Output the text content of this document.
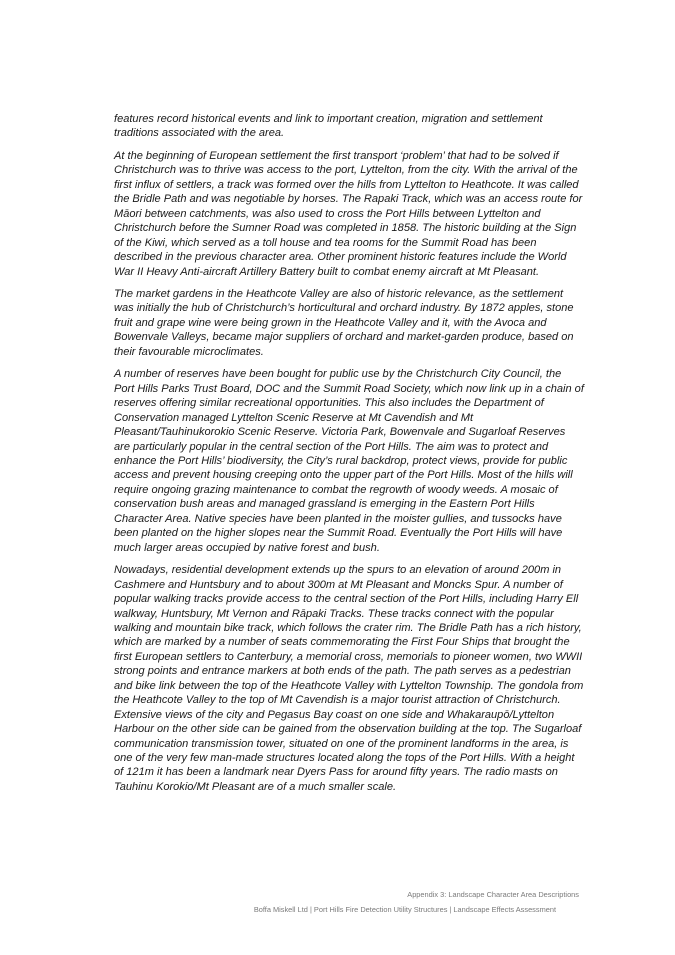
features record historical events and link to important creation, migration and settlement traditions associated with the area.

At the beginning of European settlement the first transport ‘problem’ that had to be solved if Christchurch was to thrive was access to the port, Lyttelton, from the city. With the arrival of the first influx of settlers, a track was formed over the hills from Lyttelton to Heathcote. It was called the Bridle Path and was negotiable by horses. The Rapaki Track, which was an access route for Māori between catchments, was also used to cross the Port Hills between Lyttelton and Christchurch before the Sumner Road was completed in 1858. The historic building at the Sign of the Kiwi, which served as a toll house and tea rooms for the Summit Road has been described in the previous character area. Other prominent historic features include the World War II Heavy Anti-aircraft Artillery Battery built to combat enemy aircraft at Mt Pleasant.

The market gardens in the Heathcote Valley are also of historic relevance, as the settlement was initially the hub of Christchurch’s horticultural and orchard industry. By 1872 apples, stone fruit and grape wine were being grown in the Heathcote Valley and it, with the Avoca and Bowenvale Valleys, became major suppliers of orchard and market-garden produce, based on their favourable microclimates.

A number of reserves have been bought for public use by the Christchurch City Council, the Port Hills Parks Trust Board, DOC and the Summit Road Society, which now link up in a chain of reserves offering similar recreational opportunities. This also includes the Department of Conservation managed Lyttelton Scenic Reserve at Mt Cavendish and Mt Pleasant/Tauhinukorokio Scenic Reserve. Victoria Park, Bowenvale and Sugarloaf Reserves are particularly popular in the central section of the Port Hills. The aim was to protect and enhance the Port Hills’ biodiversity, the City’s rural backdrop, protect views, provide for public access and prevent housing creeping onto the upper part of the Port Hills. Most of the hills will require ongoing grazing maintenance to combat the regrowth of woody weeds. A mosaic of conservation bush areas and managed grassland is emerging in the Eastern Port Hills Character Area. Native species have been planted in the moister gullies, and tussocks have been planted on the higher slopes near the Summit Road. Eventually the Port Hills will have much larger areas occupied by native forest and bush.

Nowadays, residential development extends up the spurs to an elevation of around 200m in Cashmere and Huntsbury and to about 300m at Mt Pleasant and Moncks Spur. A number of popular walking tracks provide access to the central section of the Port Hills, including Harry Ell walkway, Huntsbury, Mt Vernon and Rāpaki Tracks. These tracks connect with the popular walking and mountain bike track, which follows the crater rim. The Bridle Path has a rich history, which are marked by a number of seats commemorating the First Four Ships that brought the first European settlers to Canterbury, a memorial cross, memorials to pioneer women, two WWII strong points and entrance markers at both ends of the path. The path serves as a pedestrian and bike link between the top of the Heathcote Valley with Lyttelton Township. The gondola from the Heathcote Valley to the top of Mt Cavendish is a major tourist attraction of Christchurch. Extensive views of the city and Pegasus Bay coast on one side and Whakaraupō/Lyttelton Harbour on the other side can be gained from the observation building at the top. The Sugarloaf communication transmission tower, situated on one of the prominent landforms in the area, is one of the very few man-made structures located along the tops of the Port Hills. With a height of 121m it has been a landmark near Dyers Pass for around fifty years. The radio masts on Tauhinu Korokio/Mt Pleasant are of a much smaller scale.

Appendix 3: Landscape Character Area Descriptions
Boffa Miskell Ltd | Port Hills Fire Detection Utility Structures | Landscape Effects Assessment
